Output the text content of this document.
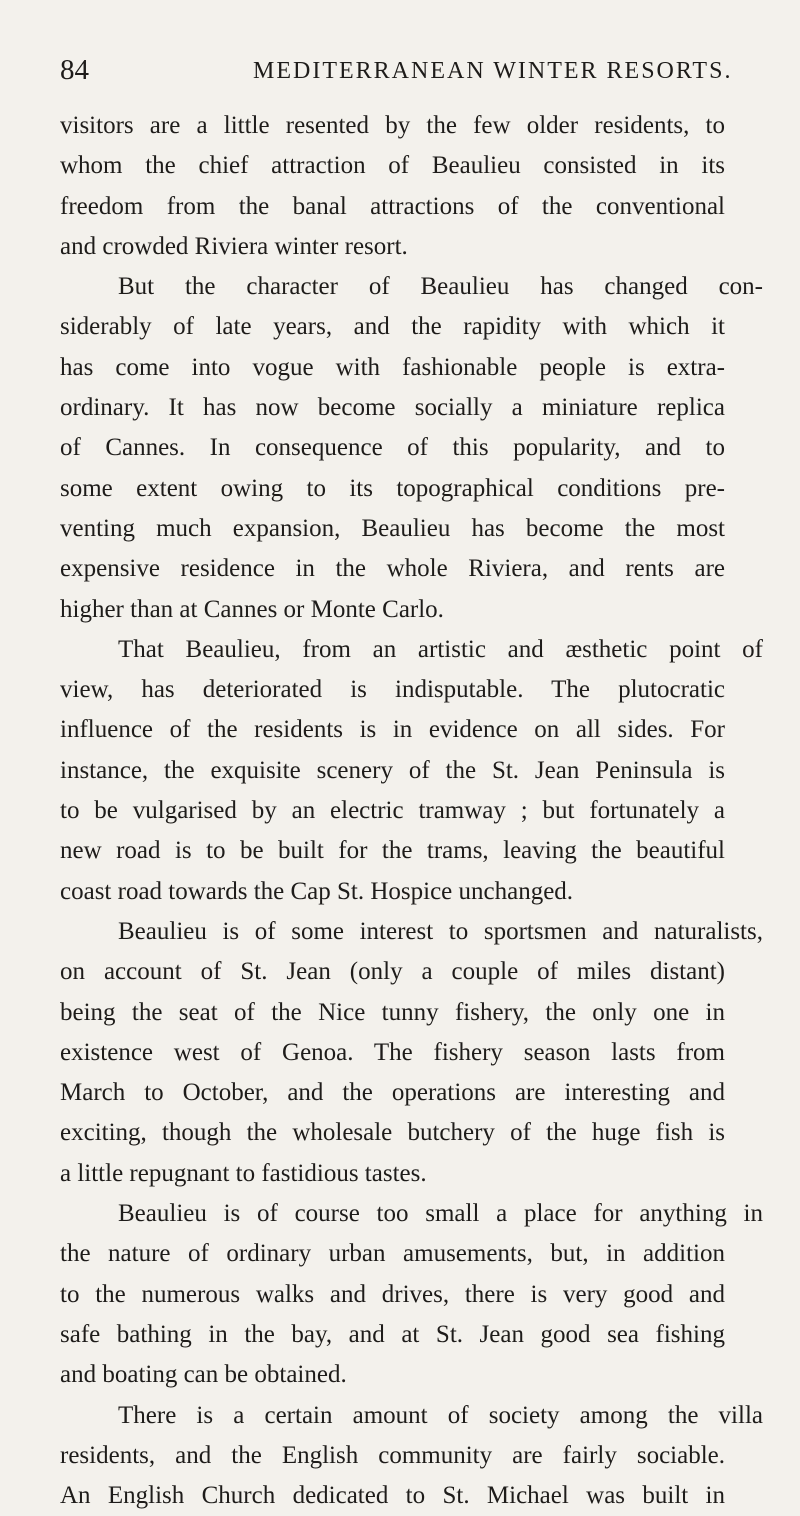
84	MEDITERRANEAN WINTER RESORTS.
visitors are a little resented by the few older residents, to
whom the chief attraction of Beaulieu consisted in its
freedom from the banal attractions of the conventional
and crowded Riviera winter resort.
But the character of Beaulieu has changed con-
siderably of late years, and the rapidity with which it
has come into vogue with fashionable people is extra-
ordinary. It has now become socially a miniature replica
of Cannes. In consequence of this popularity, and to
some extent owing to its topographical conditions pre-
venting much expansion, Beaulieu has become the most
expensive residence in the whole Riviera, and rents are
higher than at Cannes or Monte Carlo.
That Beaulieu, from an artistic and æsthetic point of
view, has deteriorated is indisputable. The plutocratic
influence of the residents is in evidence on all sides. For
instance, the exquisite scenery of the St. Jean Peninsula is
to be vulgarised by an electric tramway ; but fortunately a
new road is to be built for the trams, leaving the beautiful
coast road towards the Cap St. Hospice unchanged.
Beaulieu is of some interest to sportsmen and naturalists,
on account of St. Jean (only a couple of miles distant)
being the seat of the Nice tunny fishery, the only one in
existence west of Genoa. The fishery season lasts from
March to October, and the operations are interesting and
exciting, though the wholesale butchery of the huge fish is
a little repugnant to fastidious tastes.
Beaulieu is of course too small a place for anything in
the nature of ordinary urban amusements, but, in addition
to the numerous walks and drives, there is very good and
safe bathing in the bay, and at St. Jean good sea fishing
and boating can be obtained.
There is a certain amount of society among the villa
residents, and the English community are fairly sociable.
An English Church dedicated to St. Michael was built in
